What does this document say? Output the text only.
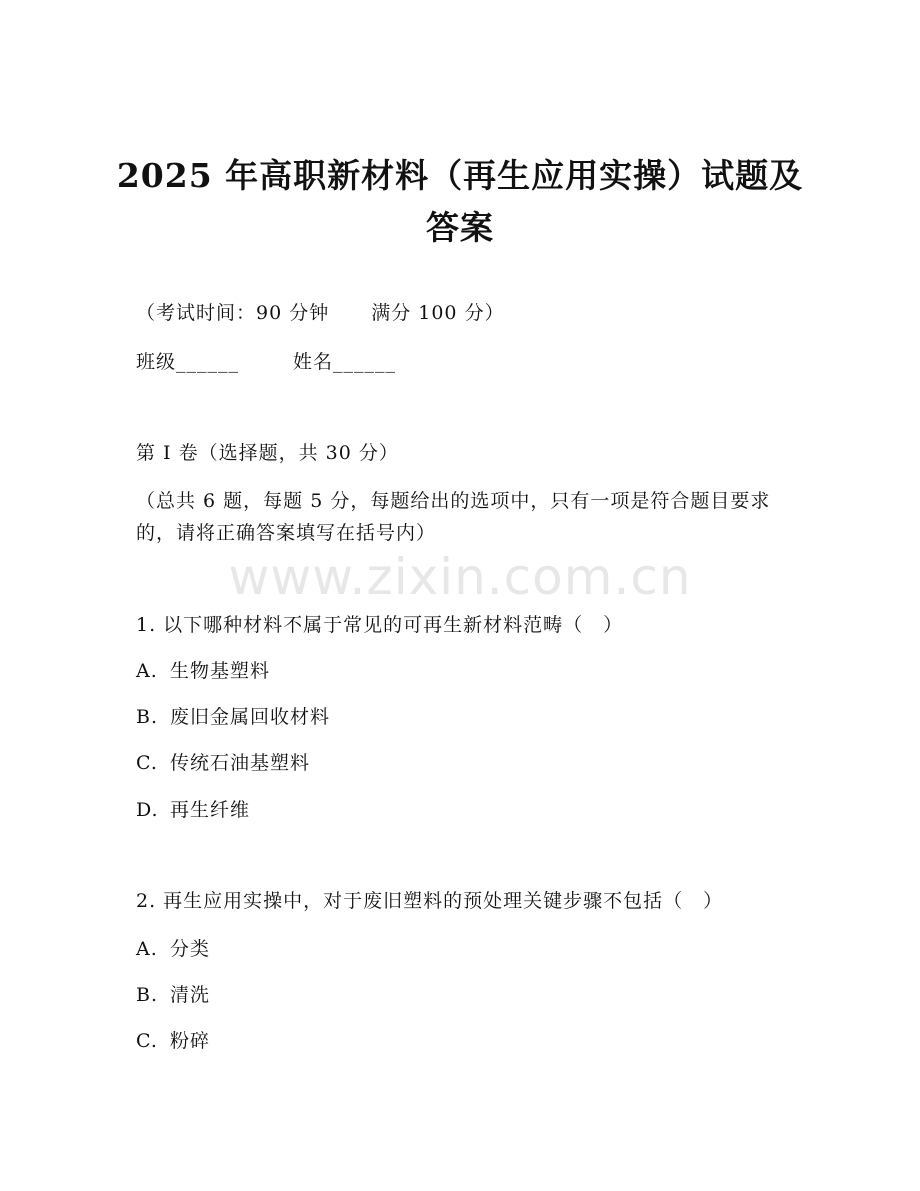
2025 年高职新材料（再生应用实操）试题及
答案
（考试时间：90 分钟 满分 100 分）
班级______	姓名______
第 I 卷（选择题，共 30 分）
（总共 6 题，每题 5 分，每题给出的选项中，只有一项是符合题目要求的，请将正确答案填写在括号内）
www.zixin.com.cn
1. 以下哪种材料不属于常见的可再生新材料范畴（　）
A. 生物基塑料
B. 废旧金属回收材料
C. 传统石油基塑料
D. 再生纤维
2. 再生应用实操中，对于废旧塑料的预处理关键步骤不包括（　）
A. 分类
B. 清洗
C. 粉碎
